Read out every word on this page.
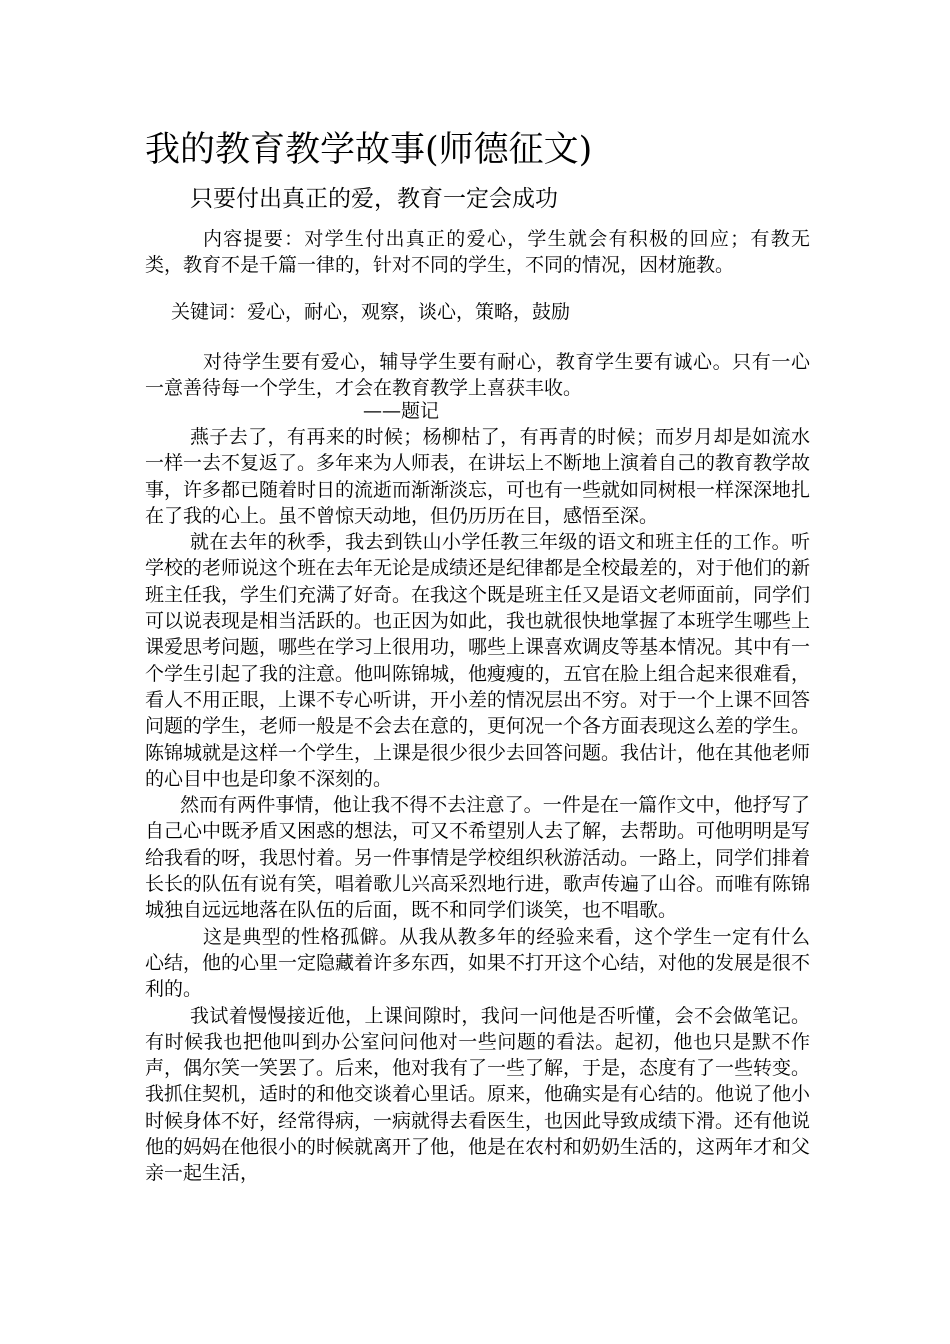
我的教育教学故事(师德征文)
只要付出真正的爱，教育一定会成功

内容提要：对学生付出真正的爱心，学生就会有积极的回应；有教无类，教育不是千篇一律的，针对不同的学生，不同的情况，因材施教。

关键词：爱心，耐心，观察，谈心，策略，鼓励

对待学生要有爱心，辅导学生要有耐心，教育学生要有诚心。只有一心一意善待每一个学生，才会在教育教学上喜获丰收。

——题记

燕子去了，有再来的时候；杨柳枯了，有再青的时候；而岁月却是如流水一样一去不复返了。多年来为人师表，在讲坛上不断地上演着自己的教育教学故事，许多都已随着时日的流逝而渐渐淡忘，可也有一些就如同树根一样深深地扎在了我的心上。虽不曾惊天动地，但仍历历在目，感悟至深。

就在去年的秋季，我去到铁山小学任教三年级的语文和班主任的工作。听学校的老师说这个班在去年无论是成绩还是纪律都是全校最差的，对于他们的新班主任我，学生们充满了好奇。在我这个既是班主任又是语文老师面前，同学们可以说表现是相当活跃的。也正因为如此，我也就很快地掌握了本班学生哪些上课爱思考问题，哪些在学习上很用功，哪些上课喜欢调皮等基本情况。其中有一个学生引起了我的注意。他叫陈锦城，他瘦瘦的，五官在脸上组合起来很难看，看人不用正眼，上课不专心听讲，开小差的情况层出不穷。对于一个上课不回答问题的学生，老师一般是不会去在意的，更何况一个各方面表现这么差的学生。陈锦城就是这样一个学生，上课是很少很少去回答问题。我估计，他在其他老师的心目中也是印象不深刻的。

然而有两件事情，他让我不得不去注意了。一件是在一篇作文中，他抒写了自己心中既矛盾又困惑的想法，可又不希望别人去了解，去帮助。可他明明是写给我看的呀，我思忖着。另一件事情是学校组织秋游活动。一路上，同学们排着长长的队伍有说有笑，唱着歌儿兴高采烈地行进，歌声传遍了山谷。而唯有陈锦城独自远远地落在队伍的后面，既不和同学们谈笑，也不唱歌。

这是典型的性格孤僻。从我从教多年的经验来看，这个学生一定有什么心结，他的心里一定隐藏着许多东西，如果不打开这个心结，对他的发展是很不利的。

我试着慢慢接近他，上课间隙时，我问一问他是否听懂，会不会做笔记。有时候我也把他叫到办公室问问他对一些问题的看法。起初，他也只是默不作声，偶尔笑一笑罢了。后来，他对我有了一些了解，于是，态度有了一些转变。我抓住契机，适时的和他交谈着心里话。原来，他确实是有心结的。他说了他小时候身体不好，经常得病，一病就得去看医生，也因此导致成绩下滑。还有他说他的妈妈在他很小的时候就离开了他，他是在农村和奶奶生活的，这两年才和父亲一起生活，
